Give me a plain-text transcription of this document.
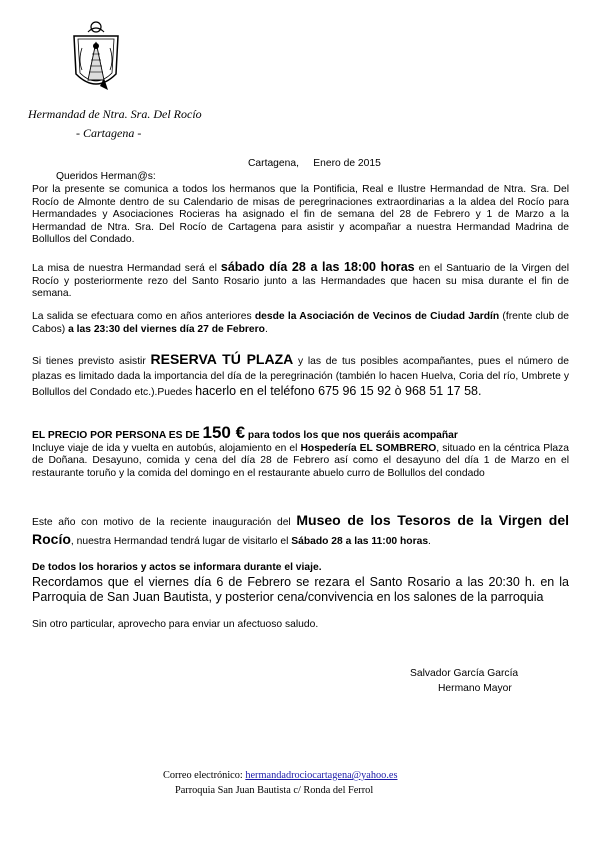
Hermandad de Ntra. Sra. Del Rocío
- Cartagena -
Cartagena,     Enero de 2015
Queridos Herman@s:
Por la presente se comunica a todos los hermanos que la Pontificia, Real e Ilustre Hermandad de Ntra. Sra. Del Rocío de Almonte dentro de su Calendario de misas de peregrinaciones extraordinarias a la aldea del Rocío para Hermandades y Asociaciones Rocieras ha asignado el fin de semana del 28 de Febrero y 1 de Marzo a la Hermandad de Ntra. Sra. Del Rocío de Cartagena para asistir y acompañar a nuestra Hermandad Madrina de Bollullos del Condado.
La misa de nuestra Hermandad será el sábado día 28 a las 18:00 horas en el Santuario de la Virgen del Rocío y posteriormente rezo del Santo Rosario junto a las Hermandades que hacen su misa durante el fin de semana.
La salida se efectuara como en años anteriores desde la Asociación de Vecinos de Ciudad Jardín (frente club de Cabos) a las 23:30 del viernes día 27 de Febrero.
Si tienes previsto asistir RESERVA TÚ PLAZA y las de tus posibles acompañantes, pues el número de plazas es limitado dada la importancia del día de la peregrinación (también lo hacen Huelva, Coria del río, Umbrete y Bollullos del Condado etc.).Puedes hacerlo en el teléfono 675 96 15 92 ò 968 51 17 58.
EL PRECIO POR PERSONA ES DE 150 € para todos los que nos queráis acompañar
Incluye viaje de ida y vuelta en autobús, alojamiento en el Hospedería EL SOMBRERO, situado en la céntrica Plaza de Doñana. Desayuno, comida y cena del día 28 de Febrero así como el desayuno del día 1 de Marzo en el restaurante toruño y la comida del domingo en el restaurante abuelo curro de Bollullos del condado
Este año con motivo de la reciente inauguración del Museo de los Tesoros de la Virgen del Rocío, nuestra Hermandad tendrá lugar de visitarlo el Sábado 28 a las 11:00 horas.
De todos los horarios y actos se informara durante el viaje.
Recordamos que el viernes día 6 de Febrero se rezara el Santo Rosario a las 20:30 h. en la Parroquia de San Juan Bautista, y posterior cena/convivencia en los salones de la parroquia
Sin otro particular, aprovecho para enviar un afectuoso saludo.
Salvador García García
Hermano Mayor
Correo electrónico: hermandadrociocartagena@yahoo.es
Parroquia San Juan Bautista c/ Ronda del Ferrol
